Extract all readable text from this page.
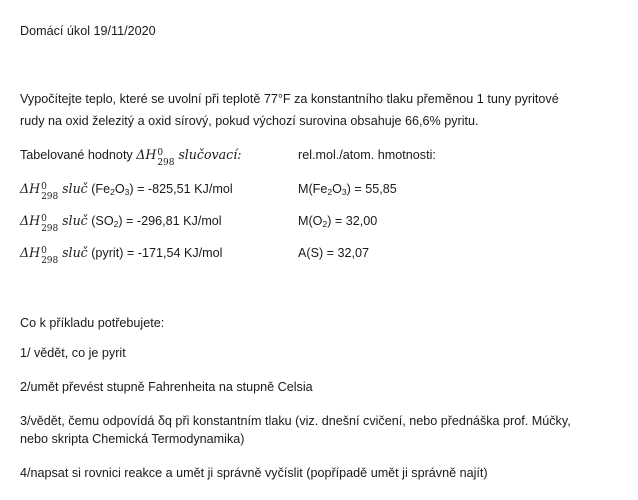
Domácí úkol 19/11/2020
Vypočítejte teplo, které se uvolní při teplotě 77°F za konstantního tlaku přeměnou 1 tuny pyritové
rudy na oxid železitý a oxid sírový, pokud výchozí surovina obsahuje 66,6% pyritu.
Tabelované hodnoty ΔH 0
298
slučovací:	rel.mol./atom. hmotnosti:
ΔH 0
298
sluč $(Fe_2O_3) = -825,51$ KJ/mol	$M(Fe_2O_3) = 55,85$
ΔH 0
298
sluč $(SO_2) = -296,81$ KJ/mol	$M(O_2) = 32,00$
ΔH 0
298
sluč (pyrit) = -171,54 KJ/mol	A(S) = 32,07
Co k příkladu potřebujete:
1/ vědět, co je pyrit
2/umět převést stupně Fahrenheita na stupně Celsia
3/vědět, čemu odpovídá δq při konstantním tlaku (viz. dnešní cvičení, nebo přednáška prof. Múčky,
nebo skripta Chemická Termodynamika)
4/napsat si rovnici reakce a umět ji správně vyčíslit (popřípadě umět ji správně najít)
